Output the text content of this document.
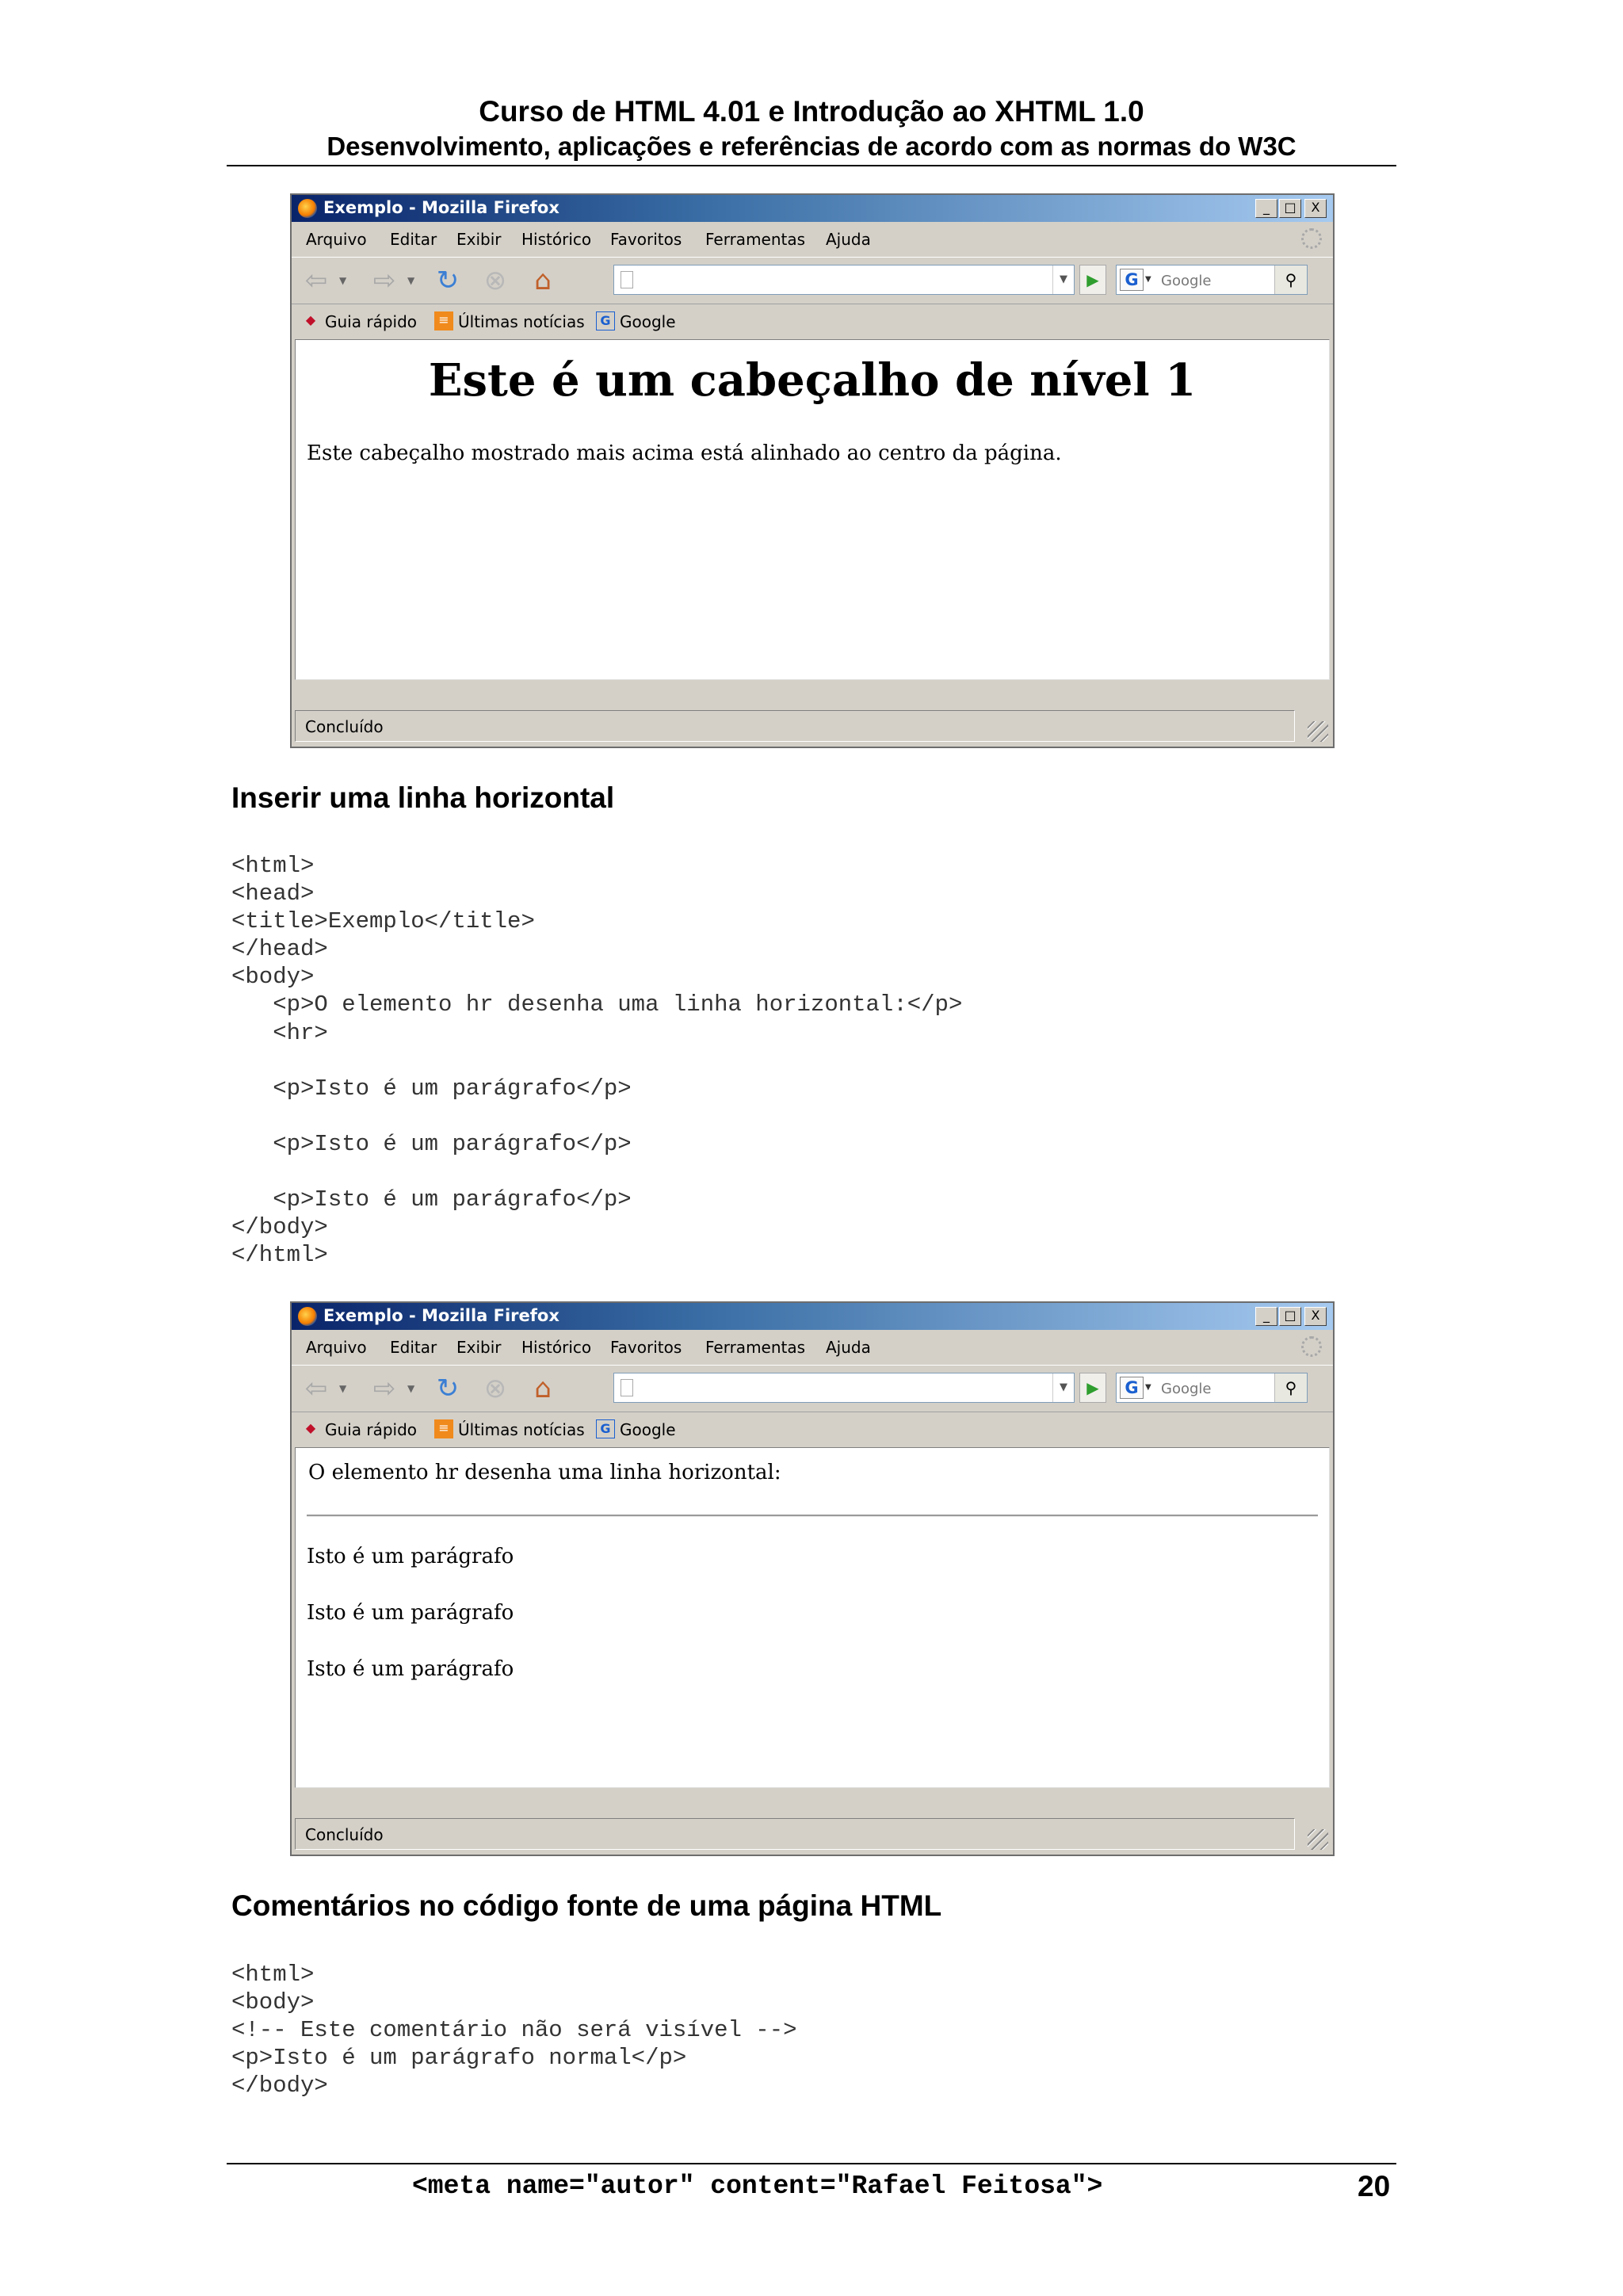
Curso de HTML 4.01 e Introdução ao XHTML 1.0
Desenvolvimento, aplicações e referências de acordo com as normas do W3C
Exemplo - Mozilla Firefox	_	□	X
Arquivo Editar Exibir Histórico Favoritos Ferramentas Ajuda
⇦	▼ ⇨	▼ ↻ ⊗	⌂	▼	▶	G ▼ Google	⚲
◆ Guia rápido	≡ Últimas notícias	G Google
Este é um cabeçalho de nível 1
Este cabeçalho mostrado mais acima está alinhado ao centro da página.
Concluído
Inserir uma linha horizontal
<html>
<head>
<title>Exemplo</title>
</head>
<body>
<p>O elemento hr desenha uma linha horizontal:</p>
<hr>

<p>Isto é um parágrafo</p>

<p>Isto é um parágrafo</p>

<p>Isto é um parágrafo</p>
</body>
</html>
Exemplo - Mozilla Firefox	_	□	X
Arquivo Editar Exibir Histórico Favoritos Ferramentas Ajuda
⇦	▼ ⇨	▼ ↻ ⊗	⌂	▼	▶	G ▼ Google	⚲
◆ Guia rápido	≡ Últimas notícias	G Google
O elemento hr desenha uma linha horizontal:
Isto é um parágrafo
Isto é um parágrafo
Isto é um parágrafo
Concluído
Comentários no código fonte de uma página HTML
<html>
<body>
<!-- Este comentário não será visível -->
<p>Isto é um parágrafo normal</p>
</body>
<meta name="autor" content="Rafael Feitosa">	20
